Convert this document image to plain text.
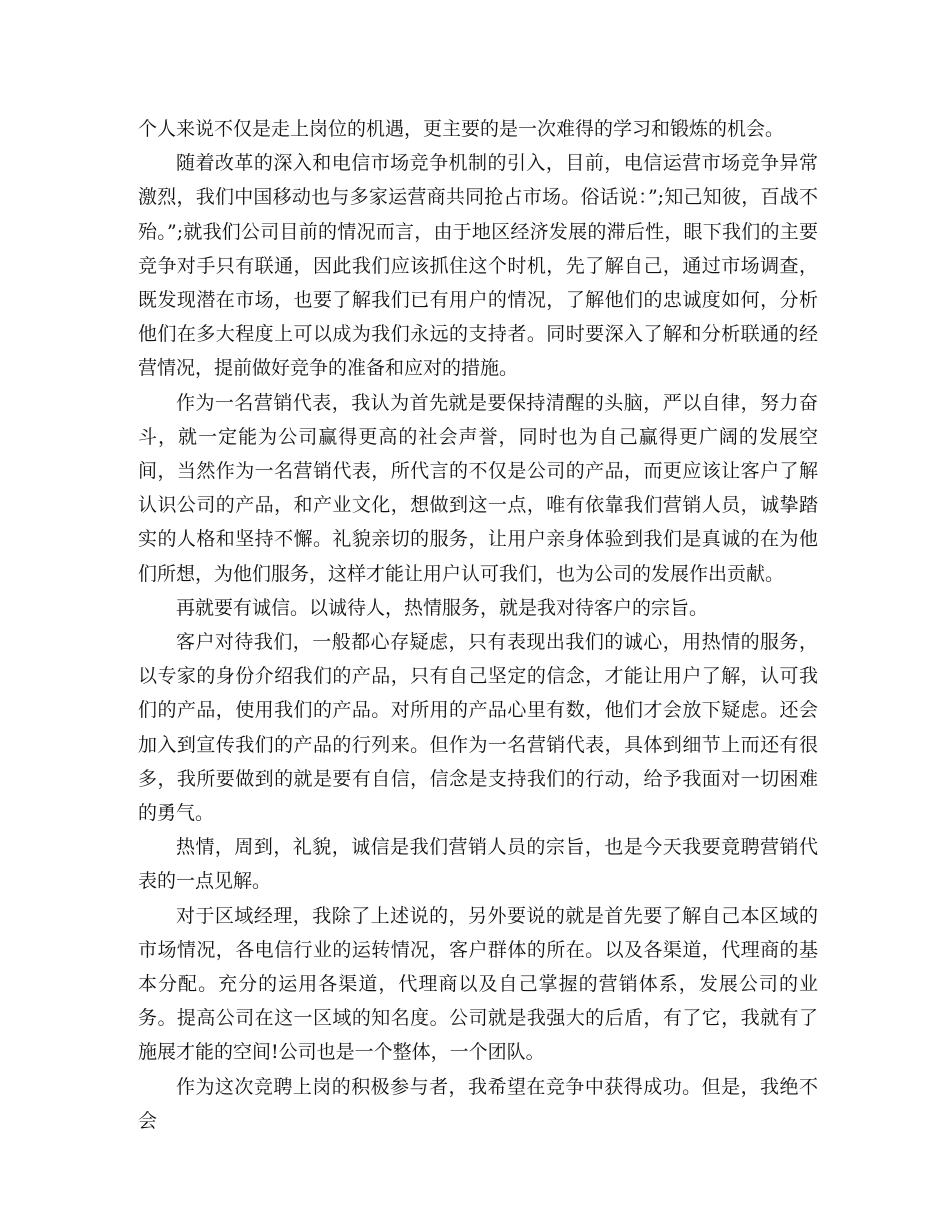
个人来说不仅是走上岗位的机遇，更主要的是一次难得的学习和锻炼的机会。

随着改革的深入和电信市场竞争机制的引入，目前，电信运营市场竞争异常激烈，我们中国移动也与多家运营商共同抢占市场。俗话说：”;知己知彼，百战不殆。”;就我们公司目前的情况而言，由于地区经济发展的滞后性，眼下我们的主要竞争对手只有联通，因此我们应该抓住这个时机，先了解自己，通过市场调查，既发现潜在市场，也要了解我们已有用户的情况，了解他们的忠诚度如何，分析他们在多大程度上可以成为我们永远的支持者。同时要深入了解和分析联通的经营情况，提前做好竞争的准备和应对的措施。

作为一名营销代表，我认为首先就是要保持清醒的头脑，严以自律，努力奋斗，就一定能为公司赢得更高的社会声誉，同时也为自己赢得更广阔的发展空间，当然作为一名营销代表，所代言的不仅是公司的产品，而更应该让客户了解认识公司的产品，和产业文化，想做到这一点，唯有依靠我们营销人员，诚挚踏实的人格和坚持不懈。礼貌亲切的服务，让用户亲身体验到我们是真诚的在为他们所想，为他们服务，这样才能让用户认可我们，也为公司的发展作出贡献。

再就要有诚信。以诚待人，热情服务，就是我对待客户的宗旨。

客户对待我们，一般都心存疑虑，只有表现出我们的诚心，用热情的服务，以专家的身份介绍我们的产品，只有自己坚定的信念，才能让用户了解，认可我们的产品，使用我们的产品。对所用的产品心里有数，他们才会放下疑虑。还会加入到宣传我们的产品的行列来。但作为一名营销代表，具体到细节上而还有很多，我所要做到的就是要有自信，信念是支持我们的行动，给予我面对一切困难的勇气。

热情，周到，礼貌，诚信是我们营销人员的宗旨，也是今天我要竟聘营销代表的一点见解。

对于区域经理，我除了上述说的，另外要说的就是首先要了解自己本区域的市场情况，各电信行业的运转情况，客户群体的所在。以及各渠道，代理商的基本分配。充分的运用各渠道，代理商以及自己掌握的营销体系，发展公司的业务。提高公司在这一区域的知名度。公司就是我强大的后盾，有了它，我就有了施展才能的空间!公司也是一个整体，一个团队。

作为这次竞聘上岗的积极参与者，我希望在竞争中获得成功。但是，我绝不会
